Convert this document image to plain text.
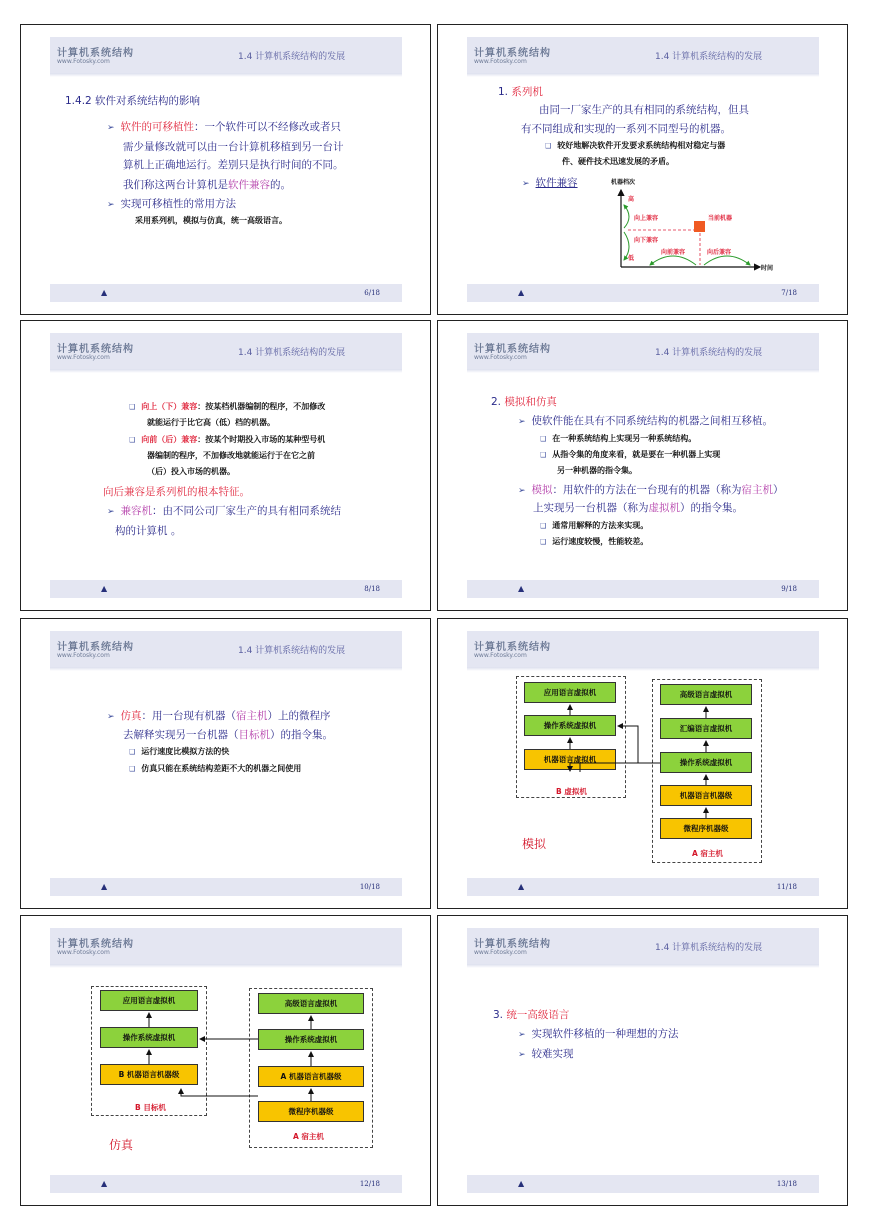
计算机系统结构
www.Fotosky.com	1.4 计算机系统结构的发展
1.4.2 软件对系统结构的影响
➢ 软件的可移植性：一个软件可以不经修改或者只
需少量修改就可以由一台计算机移植到另一台计
算机上正确地运行。差别只是执行时间的不同。
我们称这两台计算机是软件兼容的。
➢ 实现可移植性的常用方法
采用系列机，模拟与仿真，统一高级语言。
▲	6/18
计算机系统结构
www.Fotosky.com	1.4 计算机系统结构的发展
1. 系列机
由同一厂家生产的具有相同的系统结构，但具
有不同组成和实现的一系列不同型号的机器。
❑ 较好地解决软件开发要求系统结构相对稳定与器
件、硬件技术迅速发展的矛盾。
➢ 软件兼容	机器档次
时间
高
低
向上兼容
向下兼容
向前兼容	向后兼容
当前机器
▲	7/18
计算机系统结构
www.Fotosky.com	1.4 计算机系统结构的发展
❑ 向上（下）兼容：按某档机器编制的程序，不加修改
就能运行于比它高（低）档的机器。
❑ 向前（后）兼容：按某个时期投入市场的某种型号机
器编制的程序，不加修改地就能运行于在它之前
（后）投入市场的机器。
向后兼容是系列机的根本特征。
➢ 兼容机：由不同公司厂家生产的具有相同系统结
构的计算机 。
▲	8/18
计算机系统结构
www.Fotosky.com	1.4 计算机系统结构的发展
2. 模拟和仿真
➢ 使软件能在具有不同系统结构的机器之间相互移植。
❑ 在一种系统结构上实现另一种系统结构。
❑ 从指令集的角度来看，就是要在一种机器上实现
另一种机器的指令集。
➢ 模拟：用软件的方法在一台现有的机器（称为宿主机）
上实现另一台机器（称为虚拟机）的指令集。
❑ 通常用解释的方法来实现。
❑ 运行速度较慢，性能较差。
▲	9/18
计算机系统结构
www.Fotosky.com	1.4 计算机系统结构的发展
➢ 仿真：用一台现有机器（宿主机）上的微程序
去解释实现另一台机器（目标机）的指令集。
❑ 运行速度比模拟方法的快
❑ 仿真只能在系统结构差距不大的机器之间使用
▲	10/18
计算机系统结构
www.Fotosky.com
应用语言虚拟机
操作系统虚拟机
机器语言虚拟机
B 虚拟机
高级语言虚拟机
汇编语言虚拟机
操作系统虚拟机
机器语言机器级
微程序机器级
A 宿主机
模拟
▲	11/18
计算机系统结构
www.Fotosky.com
应用语言虚拟机
操作系统虚拟机
B 机器语言机器级
B 目标机
高级语言虚拟机
操作系统虚拟机
A 机器语言机器级
微程序机器级
A 宿主机
仿真
▲	12/18
计算机系统结构
www.Fotosky.com	1.4 计算机系统结构的发展
3. 统一高级语言
➢ 实现软件移植的一种理想的方法
➢ 较难实现
▲	13/18
